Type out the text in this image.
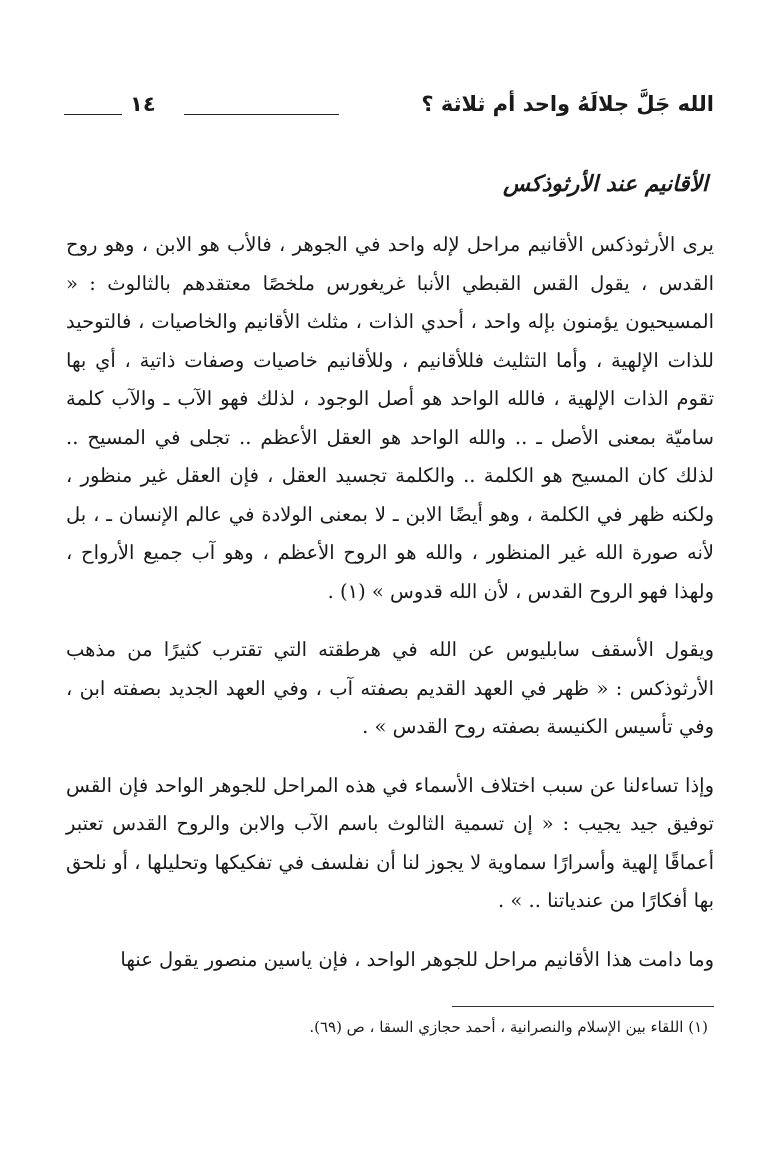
الله جَلَّ جلالَهُ واحد أم ثلاثة ؟
١٤
الأقانيم عند الأرثوذكس

يرى الأرثوذكس الأقانيم مراحل لإله واحد في الجوهر ، فالأب هو الابن ، وهو روح القدس ، يقول القس القبطي الأنبا غريغورس ملخصًا معتقدهم بالثالوث : « المسيحيون يؤمنون بإله واحد ، أحدي الذات ، مثلث الأقانيم والخاصيات ، فالتوحيد للذات الإلهية ، وأما التثليث فللأقانيم ، وللأقانيم خاصيات وصفات ذاتية ، أي بها تقوم الذات الإلهية ، فالله الواحد هو أصل الوجود ، لذلك فهو الآب ـ والآب كلمة ساميّة بمعنى الأصل ـ .. والله الواحد هو العقل الأعظم .. تجلى في المسيح .. لذلك كان المسيح هو الكلمة .. والكلمة تجسيد العقل ، فإن العقل غير منظور ، ولكنه ظهر في الكلمة ، وهو أيضًا الابن ـ لا بمعنى الولادة في عالم الإنسان ـ ، بل لأنه صورة الله غير المنظور ، والله هو الروح الأعظم ، وهو آب جميع الأرواح ، ولهذا فهو الروح القدس ، لأن الله قدوس » (١) .

ويقول الأسقف سابليوس عن الله في هرطقته التي تقترب كثيرًا من مذهب الأرثوذكس : « ظهر في العهد القديم بصفته آب ، وفي العهد الجديد بصفته ابن ، وفي تأسيس الكنيسة بصفته روح القدس » .

وإذا تساءلنا عن سبب اختلاف الأسماء في هذه المراحل للجوهر الواحد فإن القس توفيق جيد يجيب : « إن تسمية الثالوث باسم الآب والابن والروح القدس تعتبر أعماقًا إلهية وأسرارًا سماوية لا يجوز لنا أن نفلسف في تفكيكها وتحليلها ، أو نلحق بها أفكارًا من عندياتنا .. » .

وما دامت هذا الأقانيم مراحل للجوهر الواحد ، فإن ياسين منصور يقول عنها

(١) اللقاء بين الإسلام والنصرانية ، أحمد حجازي السقا ، ص (٦٩).
